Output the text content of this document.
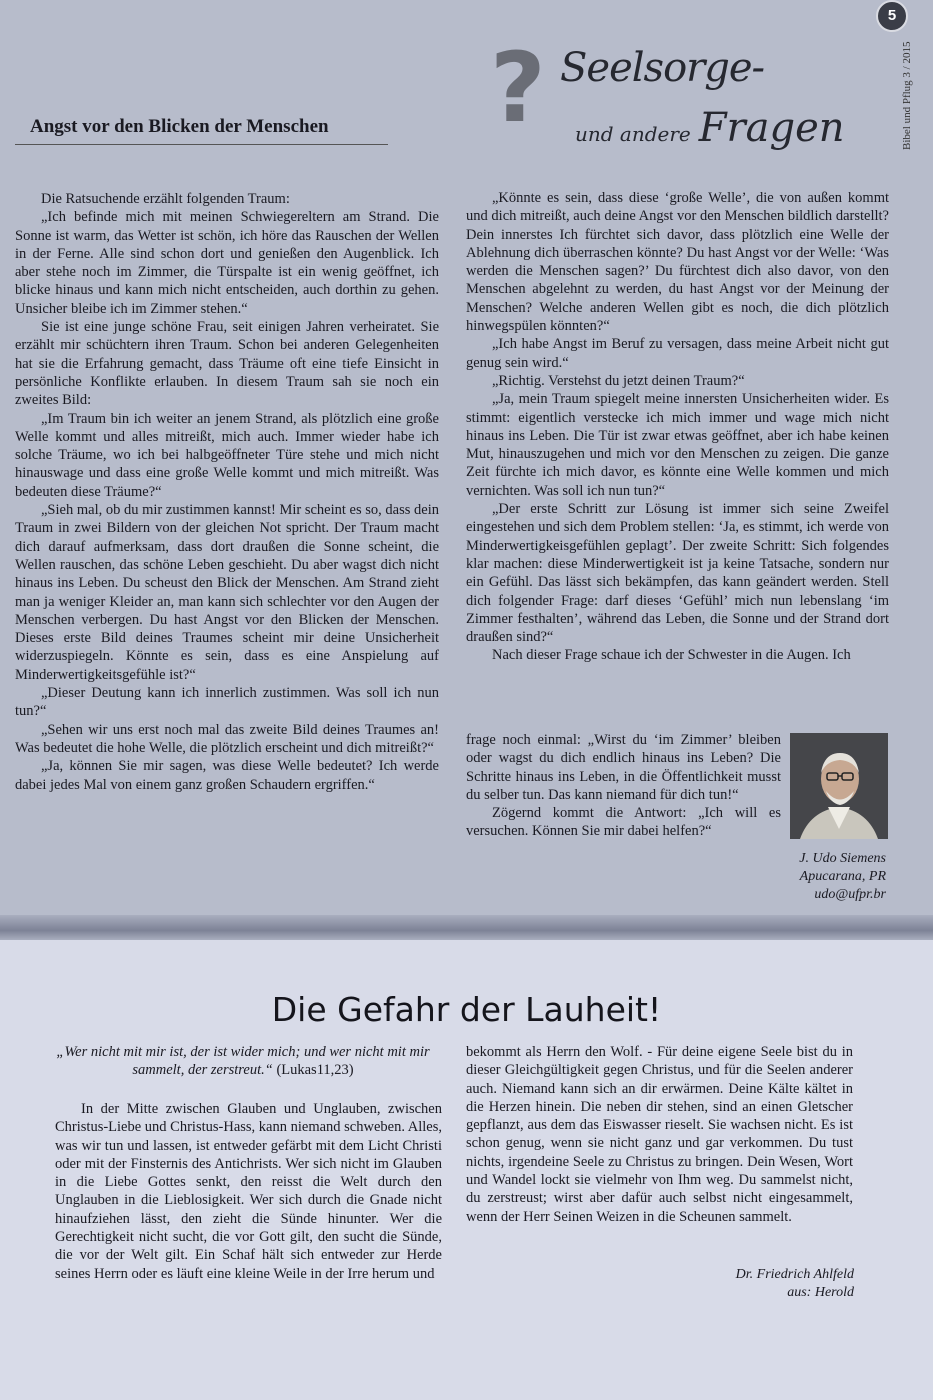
5
Bibel und Pflug 3 / 2015
? Seelsorge-
und andere Fragen
Angst vor den Blicken der Menschen

Die Ratsuchende erzählt folgenden Traum:

„Ich befinde mich mit meinen Schwiegereltern am Strand. Die Sonne ist warm, das Wetter ist schön, ich höre das Rauschen der Wellen in der Ferne. Alle sind schon dort und genießen den Augenblick. Ich aber stehe noch im Zimmer, die Türspalte ist ein wenig geöffnet, ich blicke hinaus und kann mich nicht entscheiden, auch dorthin zu gehen. Unsicher bleibe ich im Zimmer stehen.“

Sie ist eine junge schöne Frau, seit einigen Jahren verheiratet. Sie erzählt mir schüchtern ihren Traum. Schon bei anderen Gelegenheiten hat sie die Erfahrung gemacht, dass Träume oft eine tiefe Einsicht in persönliche Konflikte erlauben. In diesem Traum sah sie noch ein zweites Bild:

„Im Traum bin ich weiter an jenem Strand, als plötzlich eine große Welle kommt und alles mitreißt, mich auch. Immer wieder habe ich solche Träume, wo ich bei halbgeöffneter Türe stehe und mich nicht hinauswage und dass eine große Welle kommt und mich mitreißt. Was bedeuten diese Träume?“

„Sieh mal, ob du mir zustimmen kannst! Mir scheint es so, dass dein Traum in zwei Bildern von der gleichen Not spricht. Der Traum macht dich darauf aufmerksam, dass dort draußen die Sonne scheint, die Wellen rauschen, das schöne Leben geschieht. Du aber wagst dich nicht hinaus ins Leben. Du scheust den Blick der Menschen. Am Strand zieht man ja weniger Kleider an, man kann sich schlechter vor den Augen der Menschen verbergen. Du hast Angst vor den Blicken der Menschen. Dieses erste Bild deines Traumes scheint mir deine Unsicherheit widerzuspiegeln. Könnte es sein, dass es eine Anspielung auf Minderwertigkeitsgefühle ist?“

„Dieser Deutung kann ich innerlich zustimmen. Was soll ich nun tun?“

„Sehen wir uns erst noch mal das zweite Bild deines Traumes an! Was bedeutet die hohe Welle, die plötzlich erscheint und dich mitreißt?“

„Ja, können Sie mir sagen, was diese Welle bedeutet? Ich werde dabei jedes Mal von einem ganz großen Schaudern ergriffen.“

„Könnte es sein, dass diese ‘große Welle’, die von außen kommt und dich mitreißt, auch deine Angst vor den Menschen bildlich darstellt? Dein innerstes Ich fürchtet sich davor, dass plötzlich eine Welle der Ablehnung dich überraschen könnte? Du hast Angst vor der Welle: ‘Was werden die Menschen sagen?’ Du fürchtest dich also davor, von den Menschen abgelehnt zu werden, du hast Angst vor der Meinung der Menschen? Welche anderen Wellen gibt es noch, die dich plötzlich hinwegspülen könnten?“

„Ich habe Angst im Beruf zu versagen, dass meine Arbeit nicht gut genug sein wird.“

„Richtig. Verstehst du jetzt deinen Traum?“

„Ja, mein Traum spiegelt meine innersten Unsicherheiten wider. Es stimmt: eigentlich verstecke ich mich immer und wage mich nicht hinaus ins Leben. Die Tür ist zwar etwas geöffnet, aber ich habe keinen Mut, hinauszugehen und mich vor den Menschen zu zeigen. Die ganze Zeit fürchte ich mich davor, es könnte eine Welle kommen und mich vernichten. Was soll ich nun tun?“

„Der erste Schritt zur Lösung ist immer sich seine Zweifel eingestehen und sich dem Problem stellen: ‘Ja, es stimmt, ich werde von Minderwertigkeisgefühlen geplagt’. Der zweite Schritt: Sich folgendes klar machen: diese Minderwertigkeit ist ja keine Tatsache, sondern nur ein Gefühl. Das lässt sich bekämpfen, das kann geändert werden. Stell dich folgender Frage: darf dieses ‘Gefühl’ mich nun lebenslang ‘im Zimmer festhalten’, während das Leben, die Sonne und der Strand dort draußen sind?“

Nach dieser Frage schaue ich der Schwester in die Augen. Ich

frage noch einmal: „Wirst du ‘im Zimmer’ bleiben oder wagst du dich endlich hinaus ins Leben? Die Schritte hinaus ins Leben, in die Öffentlichkeit musst du selber tun. Das kann niemand für dich tun!“

Zögernd kommt die Antwort: „Ich will es versuchen. Können Sie mir dabei helfen?“

J. Udo Siemens
Apucarana, PR
udo@ufpr.br
Die Gefahr der Lauheit!
„Wer nicht mit mir ist, der ist wider mich; und wer nicht mit mir sammelt, der zerstreut.“ (Lukas11,23)

In der Mitte zwischen Glauben und Unglauben, zwischen Christus-Liebe und Christus-Hass, kann niemand schweben. Alles, was wir tun und lassen, ist entweder gefärbt mit dem Licht Christi oder mit der Finsternis des Antichrists. Wer sich nicht im Glauben in die Liebe Gottes senkt, den reisst die Welt durch den Unglauben in die Lieblosigkeit. Wer sich durch die Gnade nicht hinaufziehen lässt, den zieht die Sünde hinunter. Wer die Gerechtigkeit nicht sucht, die vor Gott gilt, den sucht die Sünde, die vor der Welt gilt. Ein Schaf hält sich entweder zur Herde seines Herrn oder es läuft eine kleine Weile in der Irre herum und

bekommt als Herrn den Wolf. - Für deine eigene Seele bist du in dieser Gleichgültigkeit gegen Christus, und für die Seelen anderer auch. Niemand kann sich an dir erwärmen. Deine Kälte kältet in die Herzen hinein. Die neben dir stehen, sind an einen Gletscher gepflanzt, aus dem das Eiswasser rieselt. Sie wachsen nicht. Es ist schon genug, wenn sie nicht ganz und gar verkommen. Du tust nichts, irgendeine Seele zu Christus zu bringen. Dein Wesen, Wort und Wandel lockt sie vielmehr von Ihm weg. Du sammelst nicht, du zerstreust; wirst aber dafür auch selbst nicht eingesammelt, wenn der Herr Seinen Weizen in die Scheunen sammelt.

Dr. Friedrich Ahlfeld
aus: Herold
